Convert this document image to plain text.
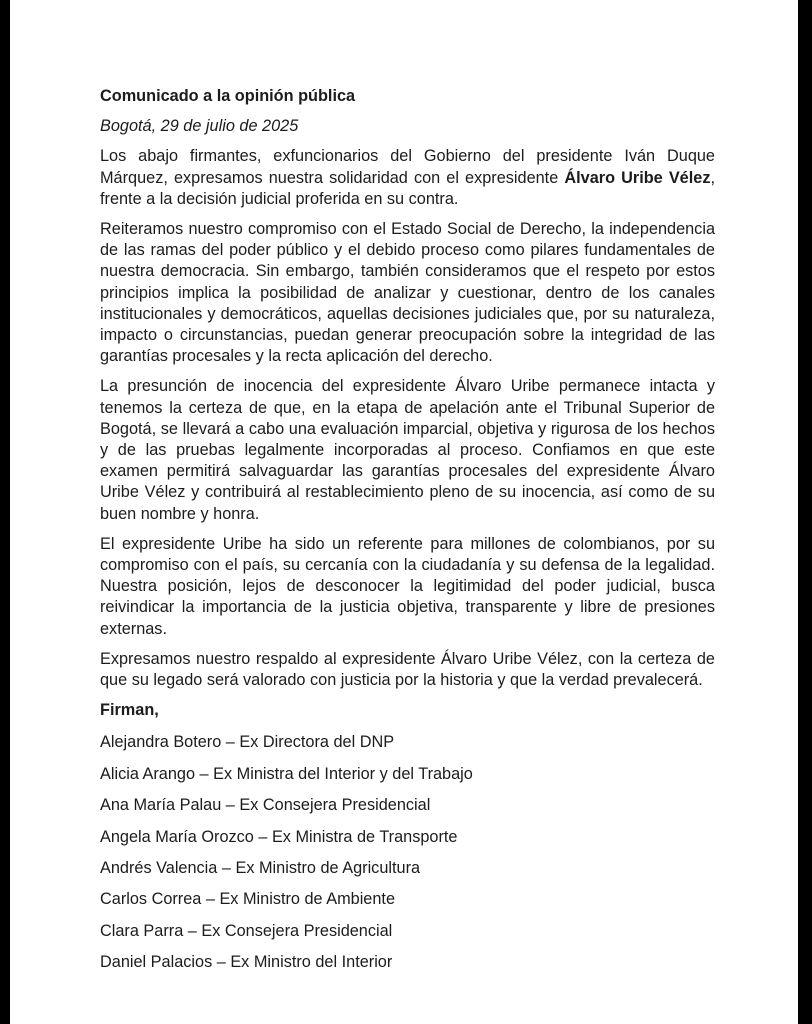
Comunicado a la opinión pública
Bogotá, 29 de julio de 2025

Los abajo firmantes, exfuncionarios del Gobierno del presidente Iván Duque Márquez, expresamos nuestra solidaridad con el expresidente Álvaro Uribe Vélez, frente a la decisión judicial proferida en su contra.

Reiteramos nuestro compromiso con el Estado Social de Derecho, la independencia de las ramas del poder público y el debido proceso como pilares fundamentales de nuestra democracia. Sin embargo, también consideramos que el respeto por estos principios implica la posibilidad de analizar y cuestionar, dentro de los canales institucionales y democráticos, aquellas decisiones judiciales que, por su naturaleza, impacto o circunstancias, puedan generar preocupación sobre la integridad de las garantías procesales y la recta aplicación del derecho.

La presunción de inocencia del expresidente Álvaro Uribe permanece intacta y tenemos la certeza de que, en la etapa de apelación ante el Tribunal Superior de Bogotá, se llevará a cabo una evaluación imparcial, objetiva y rigurosa de los hechos y de las pruebas legalmente incorporadas al proceso. Confiamos en que este examen permitirá salvaguardar las garantías procesales del expresidente Álvaro Uribe Vélez y contribuirá al restablecimiento pleno de su inocencia, así como de su buen nombre y honra.

El expresidente Uribe ha sido un referente para millones de colombianos, por su compromiso con el país, su cercanía con la ciudadanía y su defensa de la legalidad. Nuestra posición, lejos de desconocer la legitimidad del poder judicial, busca reivindicar la importancia de la justicia objetiva, transparente y libre de presiones externas.

Expresamos nuestro respaldo al expresidente Álvaro Uribe Vélez, con la certeza de que su legado será valorado con justicia por la historia y que la verdad prevalecerá.

Firman,
Alejandra Botero – Ex Directora del DNP
Alicia Arango – Ex Ministra del Interior y del Trabajo
Ana María Palau – Ex Consejera Presidencial
Angela María Orozco – Ex Ministra de Transporte
Andrés Valencia – Ex Ministro de Agricultura
Carlos Correa – Ex Ministro de Ambiente
Clara Parra – Ex Consejera Presidencial
Daniel Palacios – Ex Ministro del Interior
